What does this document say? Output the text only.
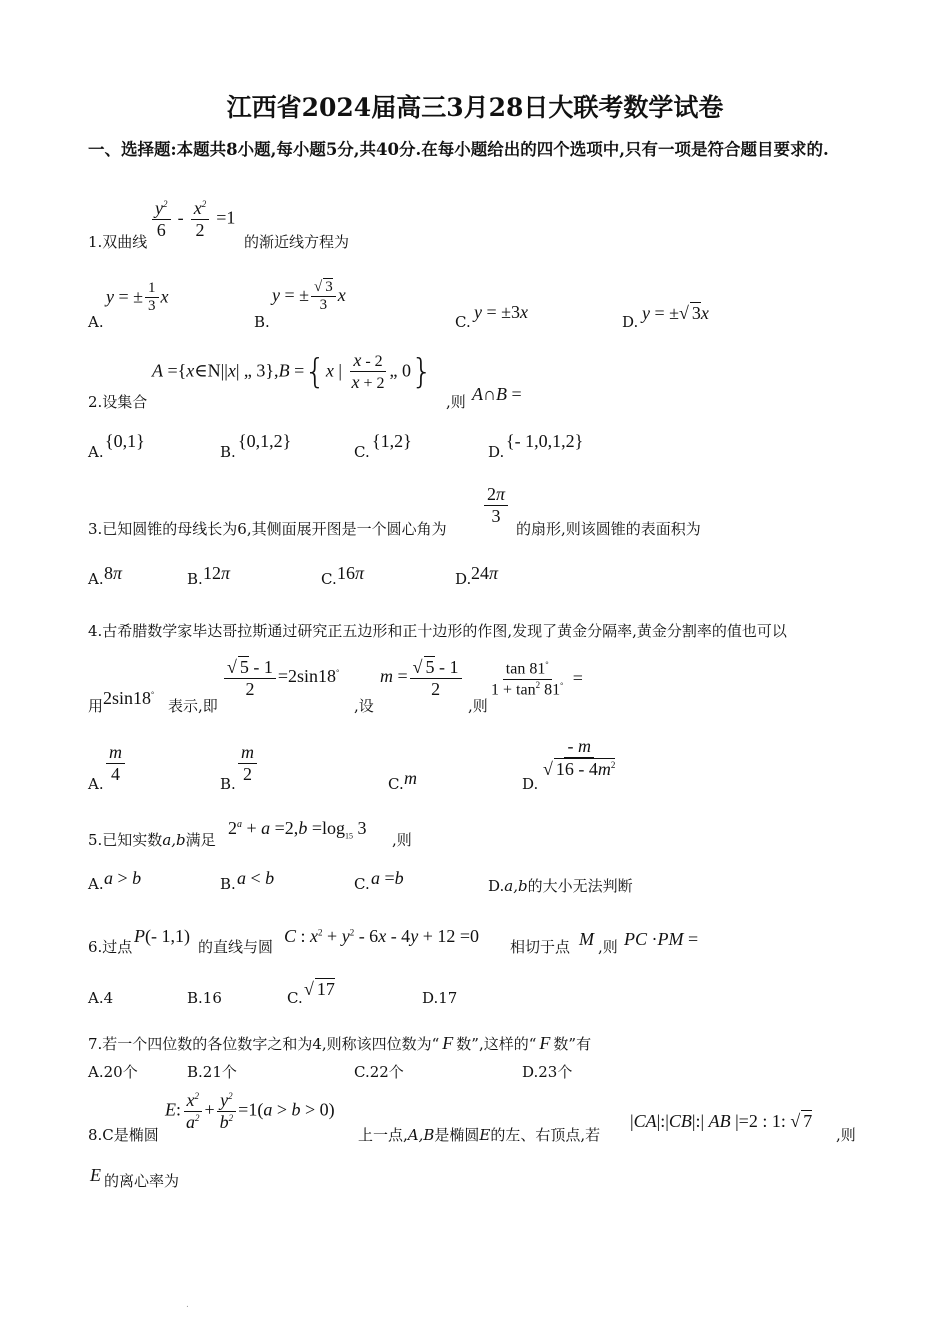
江西省2024届高三3月28日大联考数学试卷
一、选择题:本题共8小题,每小题5分,共40分.在每小题给出的四个选项中,只有一项是符合题目要求的.
1.双曲线
$\frac{y^2}{6} - \frac{x^2}{2} =1$
的渐近线方程为
A.
y = ± $\frac{1}{3}$ x
B.
y = ± $\frac{√ 3}{3}$ x
C. y = ±3x	D. y = ±√ 3x
2.设集合
A ={x∈N||x| „ 3},B ={x | $\frac{x - 2}{x + 2}$ „ 0}
,则 A∩B =
A.
{0,1}
B.
{0,1,2}
C.
{1,2}
D.
{- 1,0,1,2}
3.已知圆锥的母线长为6,其侧面展开图是一个圆心角为
$\frac{2\pi}{3}$
的扇形,则该圆锥的表面积为
A. 8π	B. 12π	C. 16π	D. 24π
4.古希腊数学家毕达哥拉斯通过研究正五边形和正十边形的作图,发现了黄金分隔率,黄金分割率的值也可以
用 2sin18°
表示,即
$\frac{√ 5 - 1}{2} =2\sin 18^\circ$
,设
$m = \frac{√ 5 - 1}{2}$
,则
$\frac{\tan 81^\circ}{1 + \tan^2 81^\circ}$ =
A. $\frac{m}{4}$	B. $\frac{m}{2}$	C. m	D.
$\frac{- m}{√ 16 - 4m^2}$
5.已知实数a,b满足
$2^a + a =2,b =\log_{15}$ 3
,则
A. a > b	B. a < b	C. a =b	D.a,b的大小无法判断
6.过点
P(- 1,1)
的直线与圆
C : $x^2 + y^2 - 6x - 4y + 12 =0$
相切于点 M ,则 PC ·PM =
A.4	B.16	C. √ 17	D.17
7.若一个四位数的各位数字之和为4,则称该四位数为“ F 数”,这样的“ F 数”有
A.20个	B.21个	C.22个	D.23个
8.C是椭圆
E: $\frac{x^2}{a^2} + \frac{y^2}{b^2} =1(a > b > 0)$
上一点,A,B是椭圆E的左、右顶点,若
|CA|:|CB|:| AB |=2 : 1: √ 7
,则
E 的离心率为
.
